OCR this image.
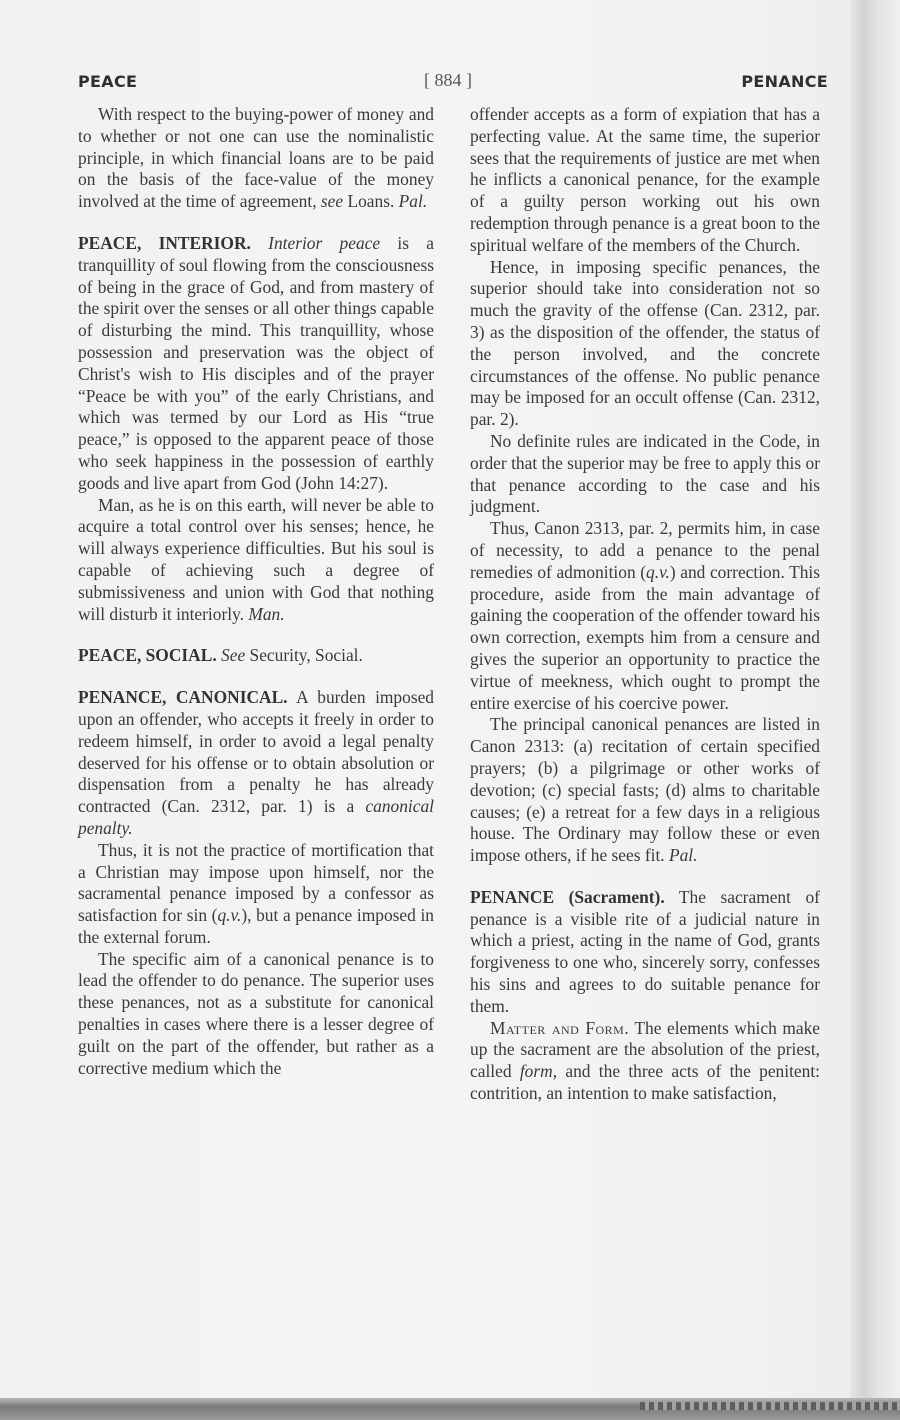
PEACE	[ 884 ]	PENANCE

With respect to the buying-power of money and to whether or not one can use the nominalistic principle, in which financial loans are to be paid on the basis of the face-value of the money involved at the time of agreement, see Loans. Pal.

PEACE, INTERIOR. Interior peace is a tranquillity of soul flowing from the consciousness of being in the grace of God, and from mastery of the spirit over the senses or all other things capable of disturbing the mind. This tranquillity, whose possession and preservation was the object of Christ's wish to His disciples and of the prayer “Peace be with you” of the early Christians, and which was termed by our Lord as His “true peace,” is opposed to the apparent peace of those who seek happiness in the possession of earthly goods and live apart from God (John 14:27).

Man, as he is on this earth, will never be able to acquire a total control over his senses; hence, he will always experience difficulties. But his soul is capable of achieving such a degree of submissiveness and union with God that nothing will disturb it interiorly. Man.

PEACE, SOCIAL. See Security, Social.

PENANCE, CANONICAL. A burden imposed upon an offender, who accepts it freely in order to redeem himself, in order to avoid a legal penalty deserved for his offense or to obtain absolution or dispensation from a penalty he has already contracted (Can. 2312, par. 1) is a canonical penalty.

Thus, it is not the practice of mortification that a Christian may impose upon himself, nor the sacramental penance imposed by a confessor as satisfaction for sin (q.v.), but a penance imposed in the external forum.

The specific aim of a canonical penance is to lead the offender to do penance. The superior uses these penances, not as a substitute for canonical penalties in cases where there is a lesser degree of guilt on the part of the offender, but rather as a corrective medium which the

offender accepts as a form of expiation that has a perfecting value. At the same time, the superior sees that the requirements of justice are met when he inflicts a canonical penance, for the example of a guilty person working out his own redemption through penance is a great boon to the spiritual welfare of the members of the Church.

Hence, in imposing specific penances, the superior should take into consideration not so much the gravity of the offense (Can. 2312, par. 3) as the disposition of the offender, the status of the person involved, and the concrete circumstances of the offense. No public penance may be imposed for an occult offense (Can. 2312, par. 2).

No definite rules are indicated in the Code, in order that the superior may be free to apply this or that penance according to the case and his judgment.

Thus, Canon 2313, par. 2, permits him, in case of necessity, to add a penance to the penal remedies of admonition (q.v.) and correction. This procedure, aside from the main advantage of gaining the cooperation of the offender toward his own correction, exempts him from a censure and gives the superior an opportunity to practice the virtue of meekness, which ought to prompt the entire exercise of his coercive power.

The principal canonical penances are listed in Canon 2313: (a) recitation of certain specified prayers; (b) a pilgrimage or other works of devotion; (c) special fasts; (d) alms to charitable causes; (e) a retreat for a few days in a religious house. The Ordinary may follow these or even impose others, if he sees fit. Pal.

PENANCE (Sacrament). The sacrament of penance is a visible rite of a judicial nature in which a priest, acting in the name of God, grants forgiveness to one who, sincerely sorry, confesses his sins and agrees to do suitable penance for them.

Matter and Form. The elements which make up the sacrament are the absolution of the priest, called form, and the three acts of the penitent: contrition, an intention to make satisfaction,
